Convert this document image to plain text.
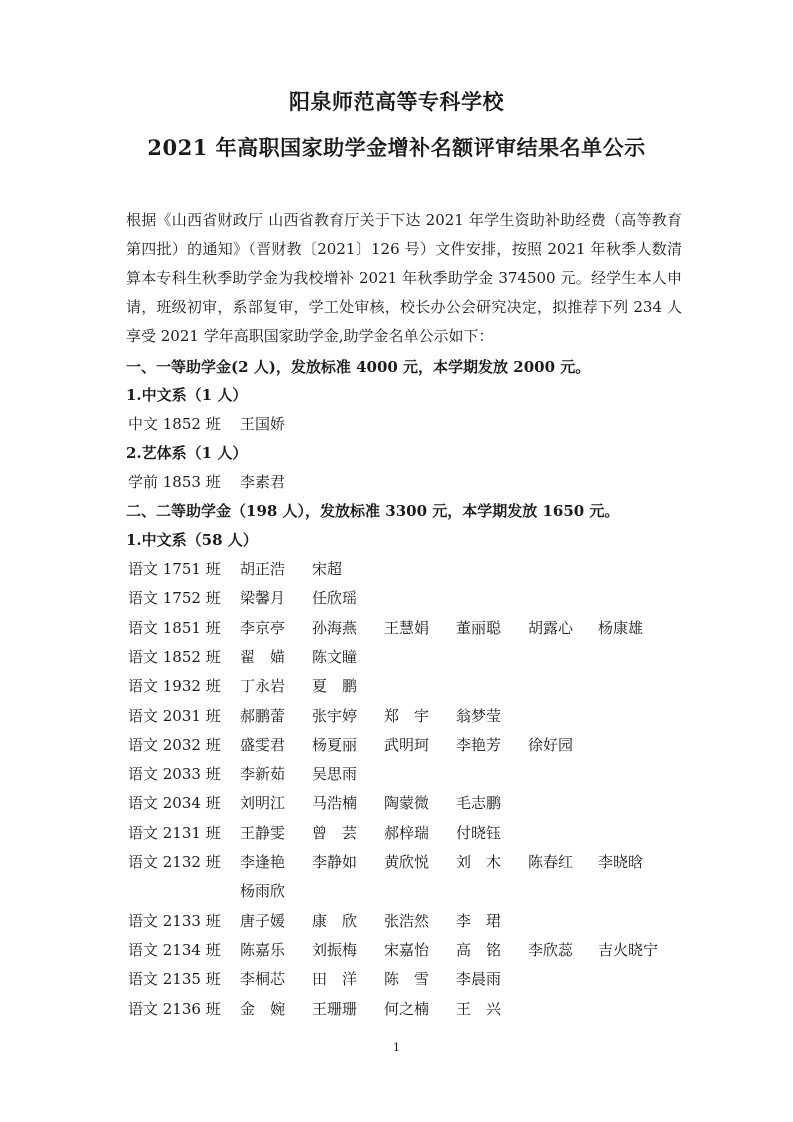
阳泉师范高等专科学校
2021 年高职国家助学金增补名额评审结果名单公示

根据《山西省财政厅 山西省教育厅关于下达 2021 年学生资助补助经费（高等教育第四批）的通知》（晋财教〔2021〕126 号）文件安排，按照 2021 年秋季人数清算本专科生秋季助学金为我校增补 2021 年秋季助学金 374500 元。经学生本人申请，班级初审，系部复审，学工处审核，校长办公会研究决定，拟推荐下列 234 人享受 2021 学年高职国家助学金,助学金名单公示如下：

一、一等助学金(2 人)，发放标准 4000 元，本学期发放 2000 元。
1.中文系（1 人）
中文 1852 班	王国娇
2.艺体系（1 人）
学前 1853 班	李素君
二、二等助学金（198 人），发放标准 3300 元，本学期发放 1650 元。
1.中文系（58 人）
语文 1751 班	胡正浩	宋超
语文 1752 班	梁馨月	任欣瑶
语文 1851 班	李京亭	孙海燕	王慧娟	董丽聪	胡露心	杨康雄
语文 1852 班	翟　媌	陈文瞳
语文 1932 班	丁永岩	夏　鹏
语文 2031 班	郝鹏蕾	张宇婷	郑　宇	翁梦莹
语文 2032 班	盛雯君	杨夏丽	武明珂	李艳芳	徐好园
语文 2033 班	李新茹	吴思雨
语文 2034 班	刘明江	马浩楠	陶蒙微	毛志鹏
语文 2131 班	王静雯	曾　芸	郝梓瑞	付晓钰
语文 2132 班	李逢艳	李静如	黄欣悦	刘　木	陈春红	李晓晗
杨雨欣
语文 2133 班	唐子媛	康　欣	张浩然	李　珺
语文 2134 班	陈嘉乐	刘振梅	宋嘉怡	高　铭	李欣蕊	吉火晓宁
语文 2135 班	李桐芯	田　洋	陈　雪	李晨雨
语文 2136 班	金　婉	王珊珊	何之楠	王　兴
1
